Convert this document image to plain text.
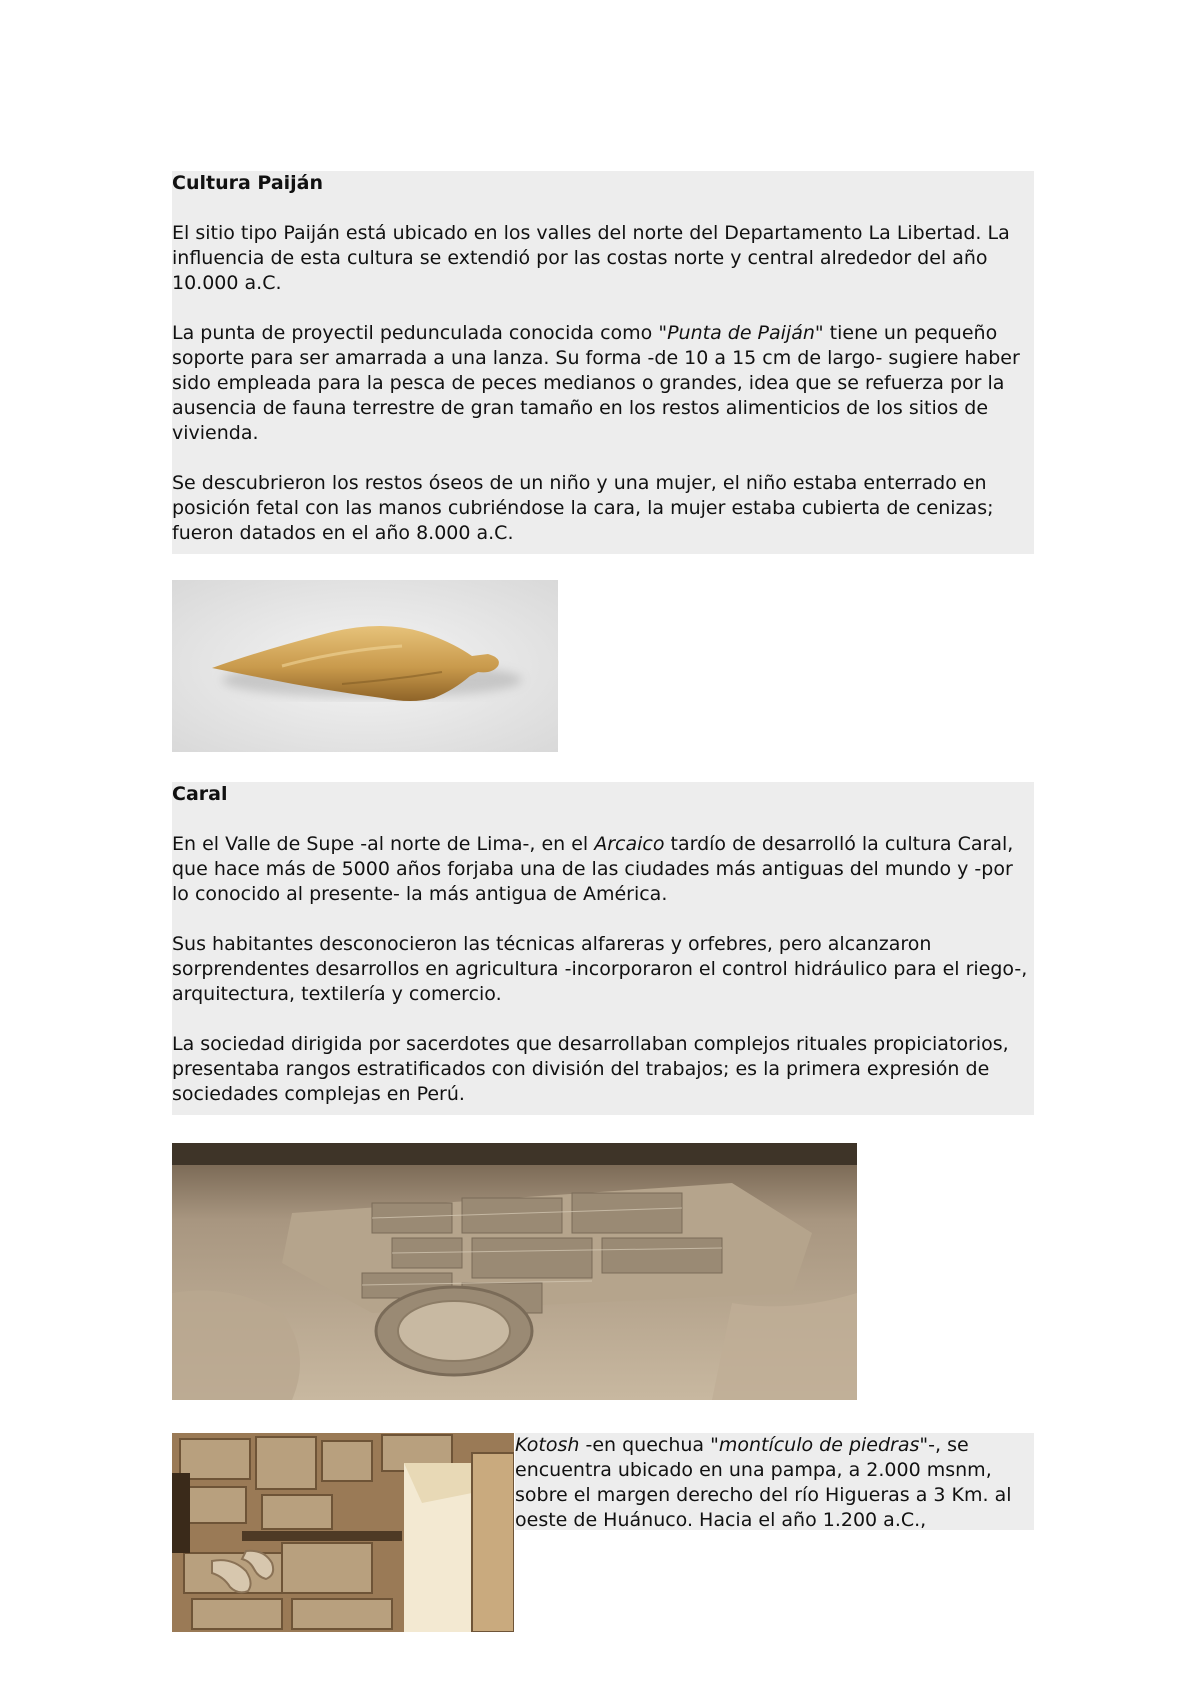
Cultura Paiján

El sitio tipo Paiján está ubicado en los valles del norte del Departamento La Libertad. La influencia de esta cultura se extendió por las costas norte y central alrededor del año 10.000 a.C.

La punta de proyectil pedunculada conocida como "Punta de Paiján" tiene un pequeño soporte para ser amarrada a una lanza. Su forma -de 10 a 15 cm de largo- sugiere haber sido empleada para la pesca de peces medianos o grandes, idea que se refuerza por la ausencia de fauna terrestre de gran tamaño en los restos alimenticios de los sitios de vivienda.

Se descubrieron los restos óseos de un niño y una mujer, el niño estaba enterrado en posición fetal con las manos cubriéndose la cara, la mujer estaba cubierta de cenizas; fueron datados en el año 8.000 a.C.

Caral

En el Valle de Supe -al norte de Lima-, en el Arcaico tardío de desarrolló la cultura Caral, que hace más de 5000 años forjaba una de las ciudades más antiguas del mundo y -por lo conocido al presente- la más antigua de América.

Sus habitantes desconocieron las técnicas alfareras y orfebres, pero alcanzaron sorprendentes desarrollos en agricultura -incorporaron el control hidráulico para el riego-, arquitectura, textilería y comercio.

La sociedad dirigida por sacerdotes que desarrollaban complejos rituales propiciatorios, presentaba rangos estratificados con división del trabajos; es la primera expresión de sociedades complejas en Perú.

Kotosh -en quechua "montículo de piedras"-, se encuentra ubicado en una pampa, a 2.000 msnm, sobre el margen derecho del río Higueras a 3 Km. al oeste de Huánuco. Hacia el año 1.200 a.C.,
